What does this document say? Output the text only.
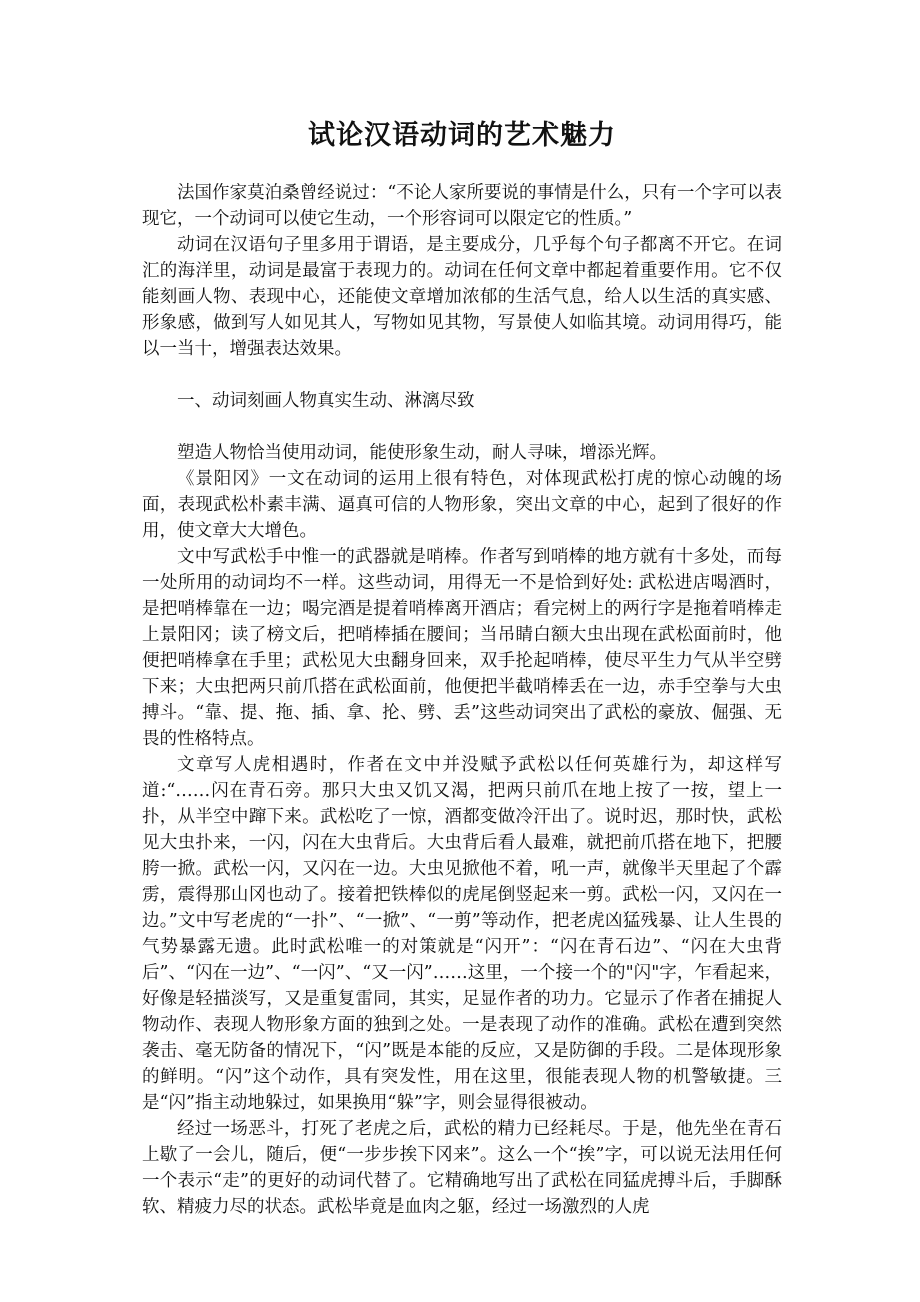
试论汉语动词的艺术魅力

法国作家莫泊桑曾经说过：“不论人家所要说的事情是什么，只有一个字可以表现它，一个动词可以使它生动，一个形容词可以限定它的性质。”

动词在汉语句子里多用于谓语，是主要成分，几乎每个句子都离不开它。在词汇的海洋里，动词是最富于表现力的。动词在任何文章中都起着重要作用。它不仅能刻画人物、表现中心，还能使文章增加浓郁的生活气息，给人以生活的真实感、形象感，做到写人如见其人，写物如见其物，写景使人如临其境。动词用得巧，能以一当十，增强表达效果。

一、动词刻画人物真实生动、淋漓尽致

塑造人物恰当使用动词，能使形象生动，耐人寻味，增添光辉。

《景阳冈》一文在动词的运用上很有特色，对体现武松打虎的惊心动魄的场面，表现武松朴素丰满、逼真可信的人物形象，突出文章的中心，起到了很好的作用，使文章大大增色。

文中写武松手中惟一的武器就是哨棒。作者写到哨棒的地方就有十多处，而每一处所用的动词均不一样。这些动词，用得无一不是恰到好处: 武松进店喝酒时，是把哨棒靠在一边；喝完酒是提着哨棒离开酒店；看完树上的两行字是拖着哨棒走上景阳冈；读了榜文后，把哨棒插在腰间；当吊睛白额大虫出现在武松面前时，他便把哨棒拿在手里；武松见大虫翻身回来，双手抡起哨棒，使尽平生力气从半空劈下来；大虫把两只前爪搭在武松面前，他便把半截哨棒丢在一边，赤手空拳与大虫搏斗。“靠、提、拖、插、拿、抡、劈、丢”这些动词突出了武松的豪放、倔强、无畏的性格特点。

文章写人虎相遇时，作者在文中并没赋予武松以任何英雄行为，却这样写道:“……闪在青石旁。那只大虫又饥又渴，把两只前爪在地上按了一按，望上一扑，从半空中蹿下来。武松吃了一惊，酒都变做冷汗出了。说时迟，那时快，武松见大虫扑来，一闪，闪在大虫背后。大虫背后看人最难，就把前爪搭在地下，把腰胯一掀。武松一闪，又闪在一边。大虫见掀他不着，吼一声，就像半天里起了个霹雳，震得那山冈也动了。接着把铁棒似的虎尾倒竖起来一剪。武松一闪，又闪在一边。”文中写老虎的“一扑”、“一掀”、“一剪”等动作，把老虎凶猛残暴、让人生畏的气势暴露无遗。此时武松唯一的对策就是“闪开”：“闪在青石边”、“闪在大虫背后”、“闪在一边”、“一闪”、“又一闪”……这里，一个接一个的"闪"字，乍看起来，好像是轻描淡写，又是重复雷同，其实，足显作者的功力。它显示了作者在捕捉人物动作、表现人物形象方面的独到之处。一是表现了动作的准确。武松在遭到突然袭击、毫无防备的情况下，“闪”既是本能的反应，又是防御的手段。二是体现形象的鲜明。“闪”这个动作，具有突发性，用在这里，很能表现人物的机警敏捷。三是“闪”指主动地躲过，如果换用“躲”字，则会显得很被动。

经过一场恶斗，打死了老虎之后，武松的精力已经耗尽。于是，他先坐在青石上歇了一会儿，随后，便“一步步挨下冈来”。这么一个“挨”字，可以说无法用任何一个表示“走”的更好的动词代替了。它精确地写出了武松在同猛虎搏斗后，手脚酥软、精疲力尽的状态。武松毕竟是血肉之躯，经过一场激烈的人虎
